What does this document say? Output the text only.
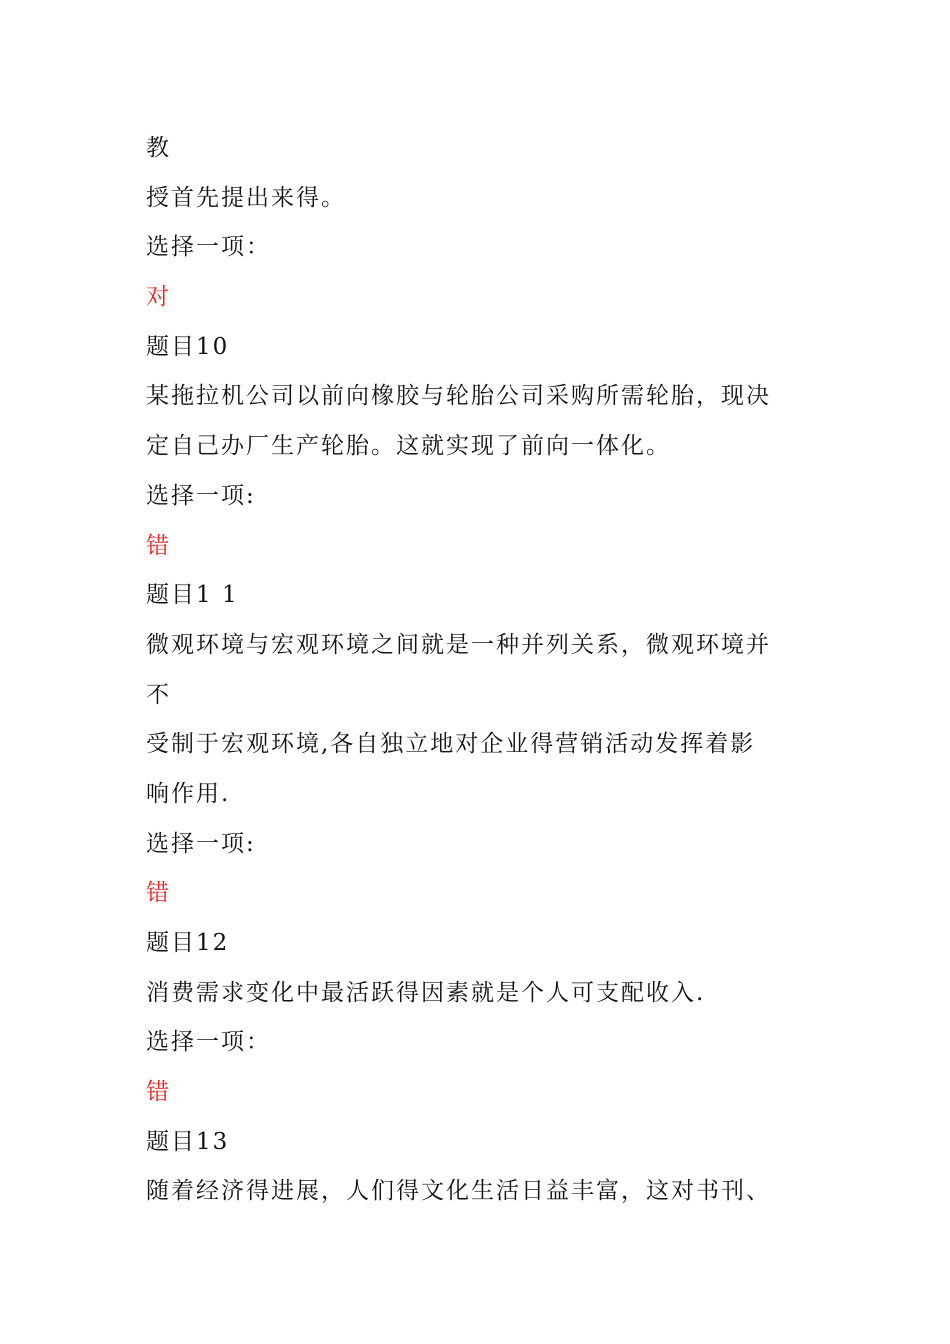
教
授首先提出来得。
选择一项：
对
题目10
某拖拉机公司以前向橡胶与轮胎公司采购所需轮胎，现决
定自己办厂生产轮胎。这就实现了前向一体化。
选择一项:
错
题目1 1
微观环境与宏观环境之间就是一种并列关系，微观环境并
不
受制于宏观环境,各自独立地对企业得营销活动发挥着影
响作用.
选择一项:
错
题目12
消费需求变化中最活跃得因素就是个人可支配收入.
选择一项：
错
题目13
随着经济得进展，人们得文化生活日益丰富，这对书刊、
